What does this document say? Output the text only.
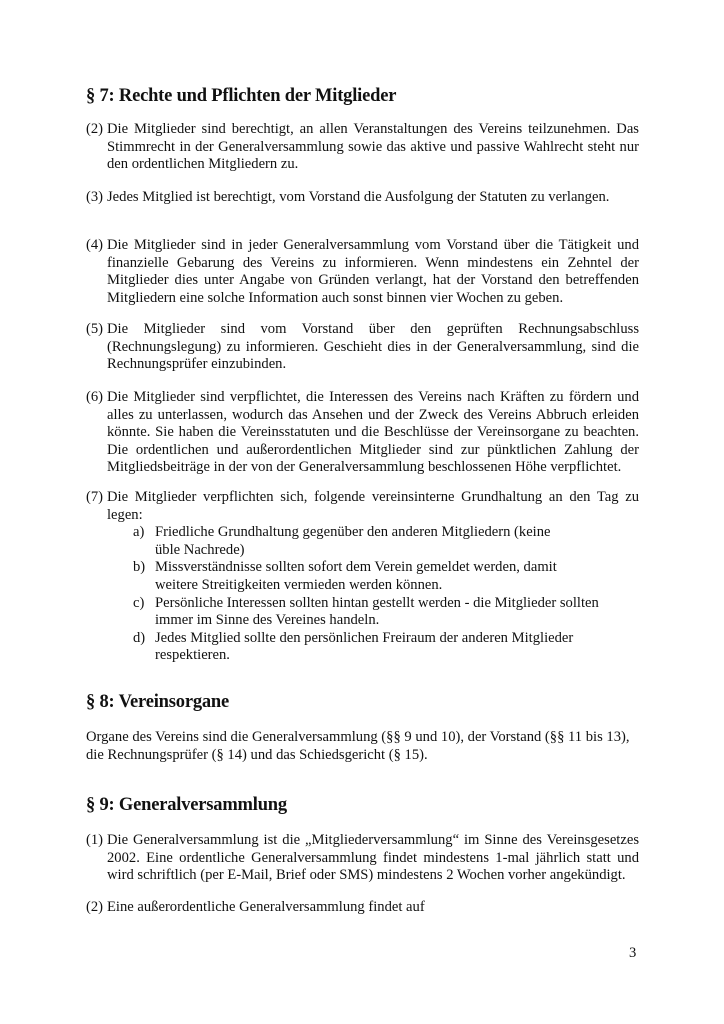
§ 7: Rechte und Pflichten der Mitglieder
(2) Die Mitglieder sind berechtigt, an allen Veranstaltungen des Vereins teilzunehmen. Das Stimmrecht in der Generalversammlung sowie das aktive und passive Wahlrecht steht nur den ordentlichen Mitgliedern zu.
(3) Jedes Mitglied ist berechtigt, vom Vorstand die Ausfolgung der Statuten zu verlangen.
(4) Die Mitglieder sind in jeder Generalversammlung vom Vorstand über die Tätigkeit und finanzielle Gebarung des Vereins zu informieren. Wenn mindestens ein Zehntel der Mitglieder dies unter Angabe von Gründen verlangt, hat der Vorstand den betreffenden Mitgliedern eine solche Information auch sonst binnen vier Wochen zu geben.
(5) Die Mitglieder sind vom Vorstand über den geprüften Rechnungsabschluss (Rechnungslegung) zu informieren. Geschieht dies in der Generalversammlung, sind die Rechnungsprüfer einzubinden.
(6) Die Mitglieder sind verpflichtet, die Interessen des Vereins nach Kräften zu fördern und alles zu unterlassen, wodurch das Ansehen und der Zweck des Vereins Abbruch erleiden könnte. Sie haben die Vereinsstatuten und die Beschlüsse der Vereinsorgane zu beachten. Die ordentlichen und außerordentlichen Mitglieder sind zur pünktlichen Zahlung der Mitgliedsbeiträge in der von der Generalversammlung beschlossenen Höhe verpflichtet.
(7) Die Mitglieder verpflichten sich, folgende vereinsinterne Grundhaltung an den Tag zu legen:
a) Friedliche Grundhaltung gegenüber den anderen Mitgliedern (keine üble Nachrede)
b) Missverständnisse sollten sofort dem Verein gemeldet werden, damit weitere Streitigkeiten vermieden werden können.
c) Persönliche Interessen sollten hintan gestellt werden - die Mitglieder sollten immer im Sinne des Vereines handeln.
d) Jedes Mitglied sollte den persönlichen Freiraum der anderen Mitglieder respektieren.
§ 8: Vereinsorgane
Organe des Vereins sind die Generalversammlung (§§ 9 und 10), der Vorstand (§§ 11 bis 13), die Rechnungsprüfer (§ 14) und das Schiedsgericht (§ 15).
§ 9: Generalversammlung
(1) Die Generalversammlung ist die „Mitgliederversammlung“ im Sinne des Vereinsgesetzes 2002. Eine ordentliche Generalversammlung findet mindestens 1-mal jährlich statt und wird schriftlich (per E-Mail, Brief oder SMS) mindestens 2 Wochen vorher angekündigt.
(2) Eine außerordentliche Generalversammlung findet auf
3
